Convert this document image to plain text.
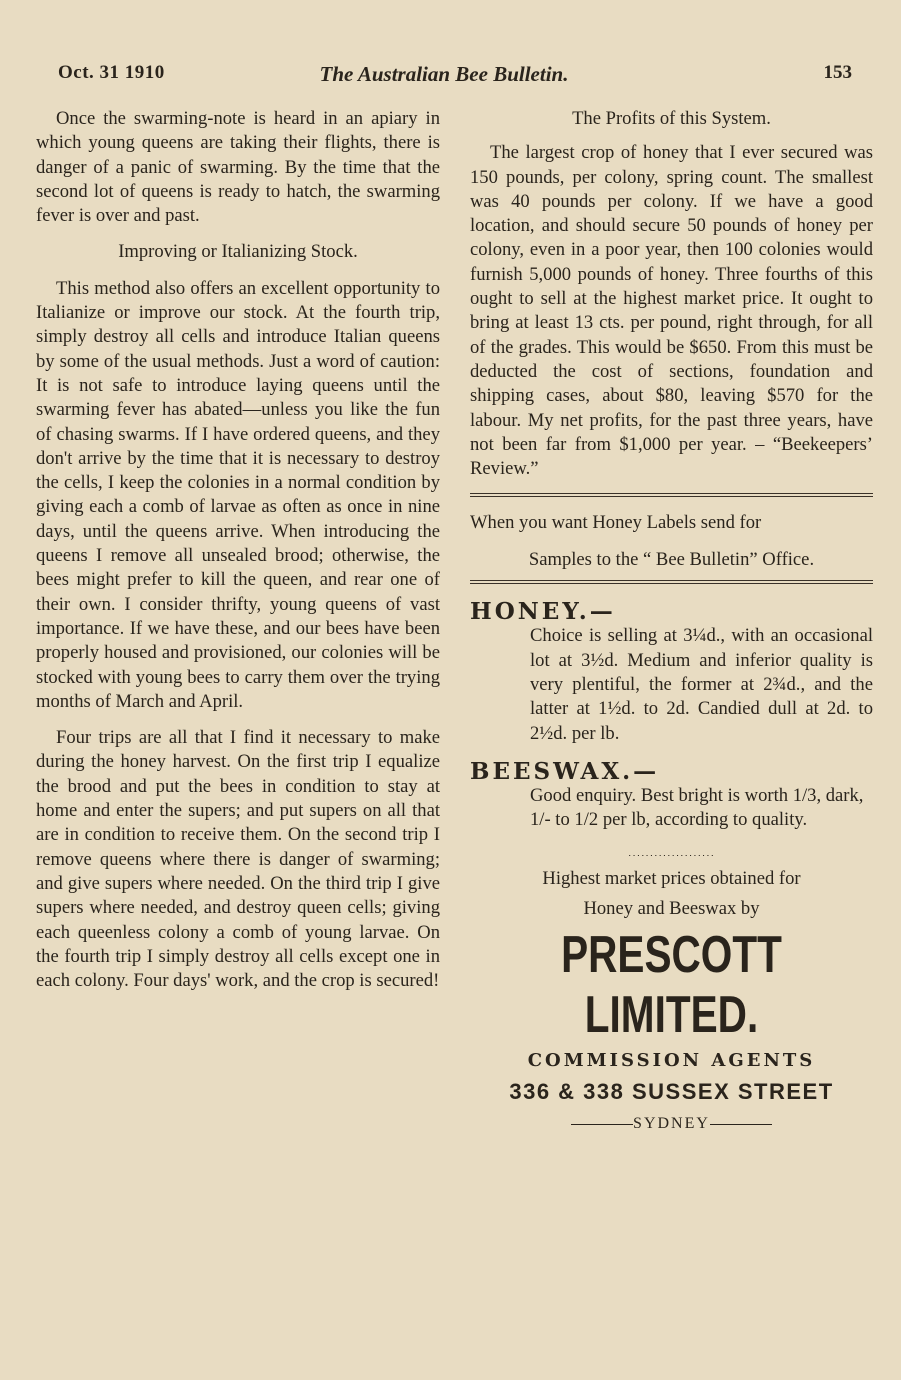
Oct. 31 1910	The Australian Bee Bulletin.	153

Once the swarming-note is heard in an apiary in which young queens are taking their flights, there is danger of a panic of swarming. By the time that the second lot of queens is ready to hatch, the swarming fever is over and past.

Improving or Italianizing Stock.

This method also offers an excellent opportunity to Italianize or improve our stock. At the fourth trip, simply destroy all cells and introduce Italian queens by some of the usual methods. Just a word of caution: It is not safe to introduce laying queens until the swarming fever has abated—unless you like the fun of chasing swarms. If I have ordered queens, and they don't arrive by the time that it is necessary to destroy the cells, I keep the colonies in a normal condition by giving each a comb of larvae as often as once in nine days, until the queens arrive. When introducing the queens I remove all unsealed brood; otherwise, the bees might prefer to kill the queen, and rear one of their own. I consider thrifty, young queens of vast importance. If we have these, and our bees have been properly housed and provisioned, our colonies will be stocked with young bees to carry them over the trying months of March and April.

Four trips are all that I find it necessary to make during the honey harvest. On the first trip I equalize the brood and put the bees in condition to stay at home and enter the supers; and put supers on all that are in condition to receive them. On the second trip I remove queens where there is danger of swarming; and give supers where needed. On the third trip I give supers where needed, and destroy queen cells; giving each queenless colony a comb of young larvae. On the fourth trip I simply destroy all cells except one in each colony. Four days' work, and the crop is secured!

The Profits of this System.

The largest crop of honey that I ever secured was 150 pounds, per colony, spring count. The smallest was 40 pounds per colony. If we have a good location, and should secure 50 pounds of honey per colony, even in a poor year, then 100 colonies would furnish 5,000 pounds of honey. Three fourths of this ought to sell at the highest market price. It ought to bring at least 13 cts. per pound, right through, for all of the grades. This would be $650. From this must be deducted the cost of sections, foundation and shipping cases, about $80, leaving $570 for the labour. My net profits, for the past three years, have not been far from $1,000 per year. – “Beekeepers’ Review.”

When you want Honey Labels send for

Samples to the “ Bee Bulletin” Office.

HONEY.—

Choice is selling at 3¼d., with an occasional lot at 3½d. Medium and inferior quality is very plentiful, the former at 2¾d., and the latter at 1½d. to 2d. Candied dull at 2d. to 2½d. per lb.

BEESWAX.—

Good enquiry. Best bright is worth 1/3, dark, 1/- to 1/2 per lb, according to quality.

․․․․․․․․․․․․․․․․․․․․

Highest market prices obtained for

Honey and Beeswax by

PRESCOTT LIMITED.
COMMISSION AGENTS
336 & 338 SUSSEX STREET
SYDNEY
